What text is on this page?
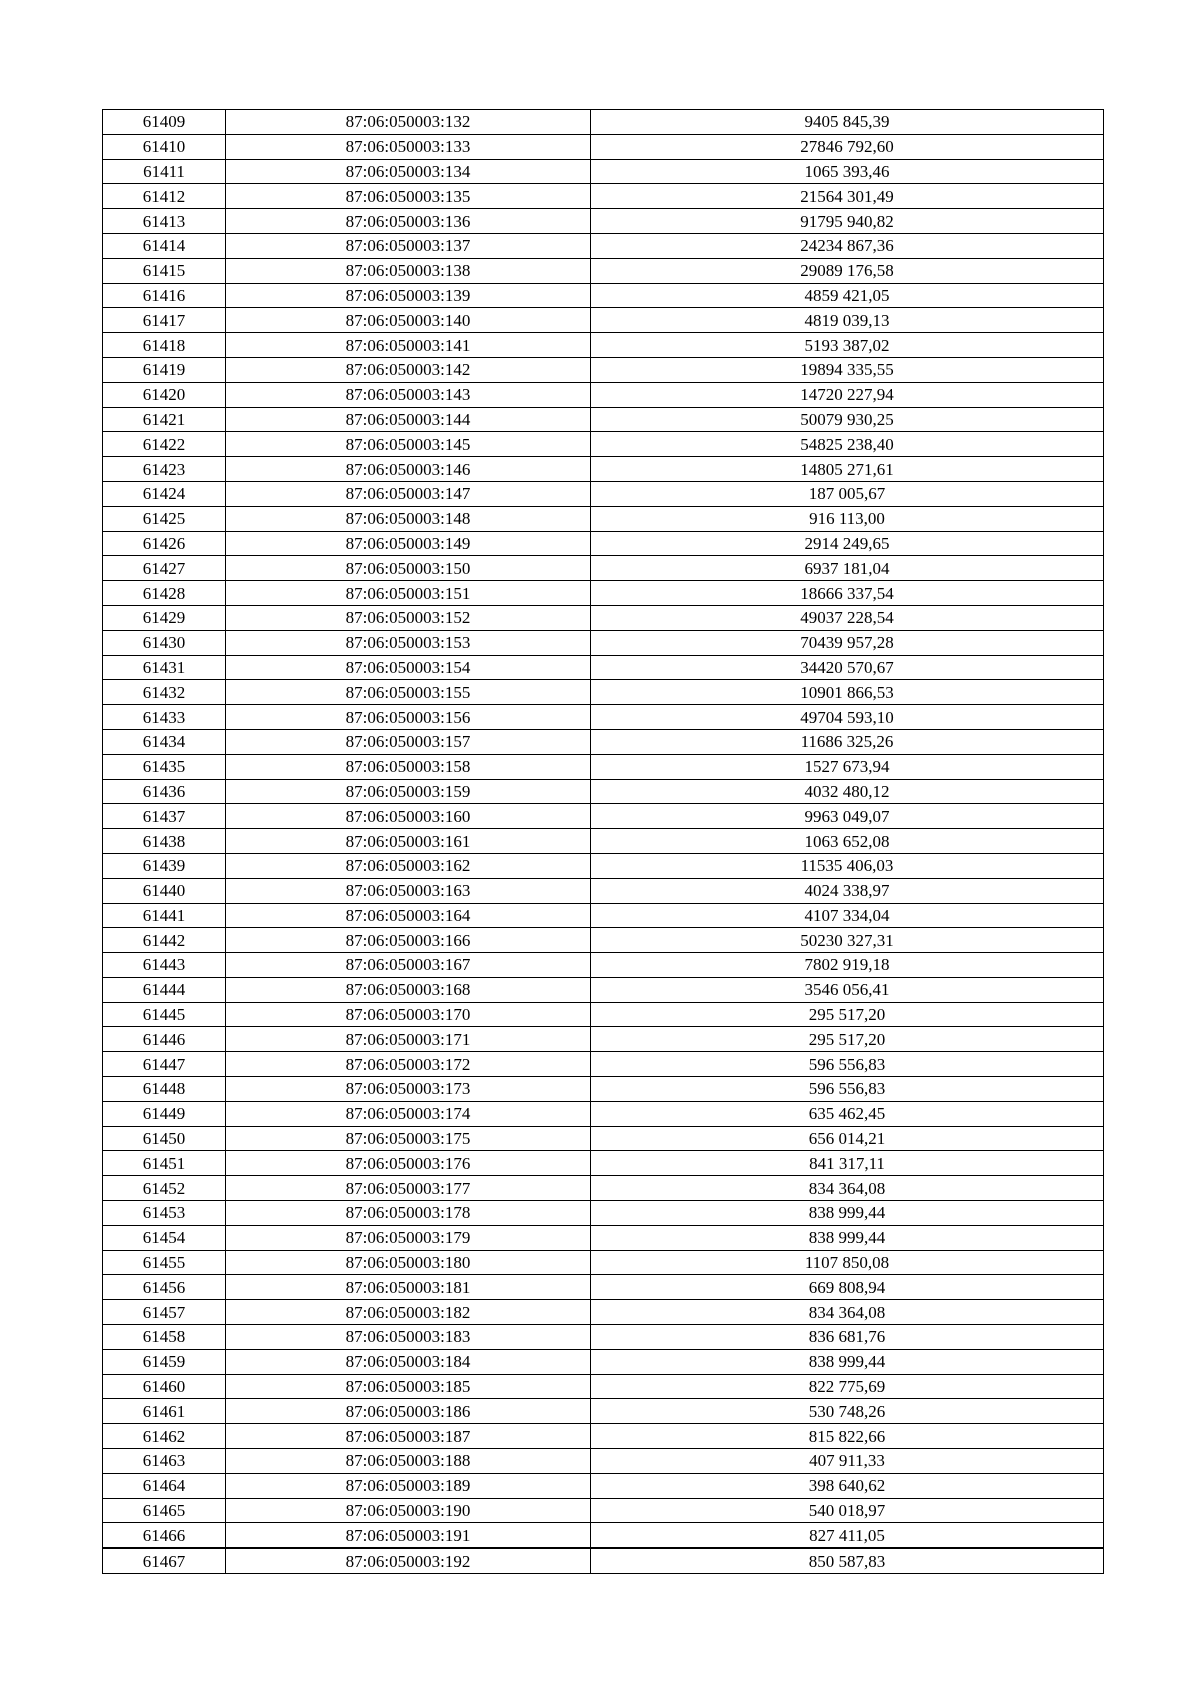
61409	87:06:050003:132	9405 845,39
61410	87:06:050003:133	27846 792,60
61411	87:06:050003:134	1065 393,46
61412	87:06:050003:135	21564 301,49
61413	87:06:050003:136	91795 940,82
61414	87:06:050003:137	24234 867,36
61415	87:06:050003:138	29089 176,58
61416	87:06:050003:139	4859 421,05
61417	87:06:050003:140	4819 039,13
61418	87:06:050003:141	5193 387,02
61419	87:06:050003:142	19894 335,55
61420	87:06:050003:143	14720 227,94
61421	87:06:050003:144	50079 930,25
61422	87:06:050003:145	54825 238,40
61423	87:06:050003:146	14805 271,61
61424	87:06:050003:147	187 005,67
61425	87:06:050003:148	916 113,00
61426	87:06:050003:149	2914 249,65
61427	87:06:050003:150	6937 181,04
61428	87:06:050003:151	18666 337,54
61429	87:06:050003:152	49037 228,54
61430	87:06:050003:153	70439 957,28
61431	87:06:050003:154	34420 570,67
61432	87:06:050003:155	10901 866,53
61433	87:06:050003:156	49704 593,10
61434	87:06:050003:157	11686 325,26
61435	87:06:050003:158	1527 673,94
61436	87:06:050003:159	4032 480,12
61437	87:06:050003:160	9963 049,07
61438	87:06:050003:161	1063 652,08
61439	87:06:050003:162	11535 406,03
61440	87:06:050003:163	4024 338,97
61441	87:06:050003:164	4107 334,04
61442	87:06:050003:166	50230 327,31
61443	87:06:050003:167	7802 919,18
61444	87:06:050003:168	3546 056,41
61445	87:06:050003:170	295 517,20
61446	87:06:050003:171	295 517,20
61447	87:06:050003:172	596 556,83
61448	87:06:050003:173	596 556,83
61449	87:06:050003:174	635 462,45
61450	87:06:050003:175	656 014,21
61451	87:06:050003:176	841 317,11
61452	87:06:050003:177	834 364,08
61453	87:06:050003:178	838 999,44
61454	87:06:050003:179	838 999,44
61455	87:06:050003:180	1107 850,08
61456	87:06:050003:181	669 808,94
61457	87:06:050003:182	834 364,08
61458	87:06:050003:183	836 681,76
61459	87:06:050003:184	838 999,44
61460	87:06:050003:185	822 775,69
61461	87:06:050003:186	530 748,26
61462	87:06:050003:187	815 822,66
61463	87:06:050003:188	407 911,33
61464	87:06:050003:189	398 640,62
61465	87:06:050003:190	540 018,97
61466	87:06:050003:191	827 411,05
61467	87:06:050003:192	850 587,83
